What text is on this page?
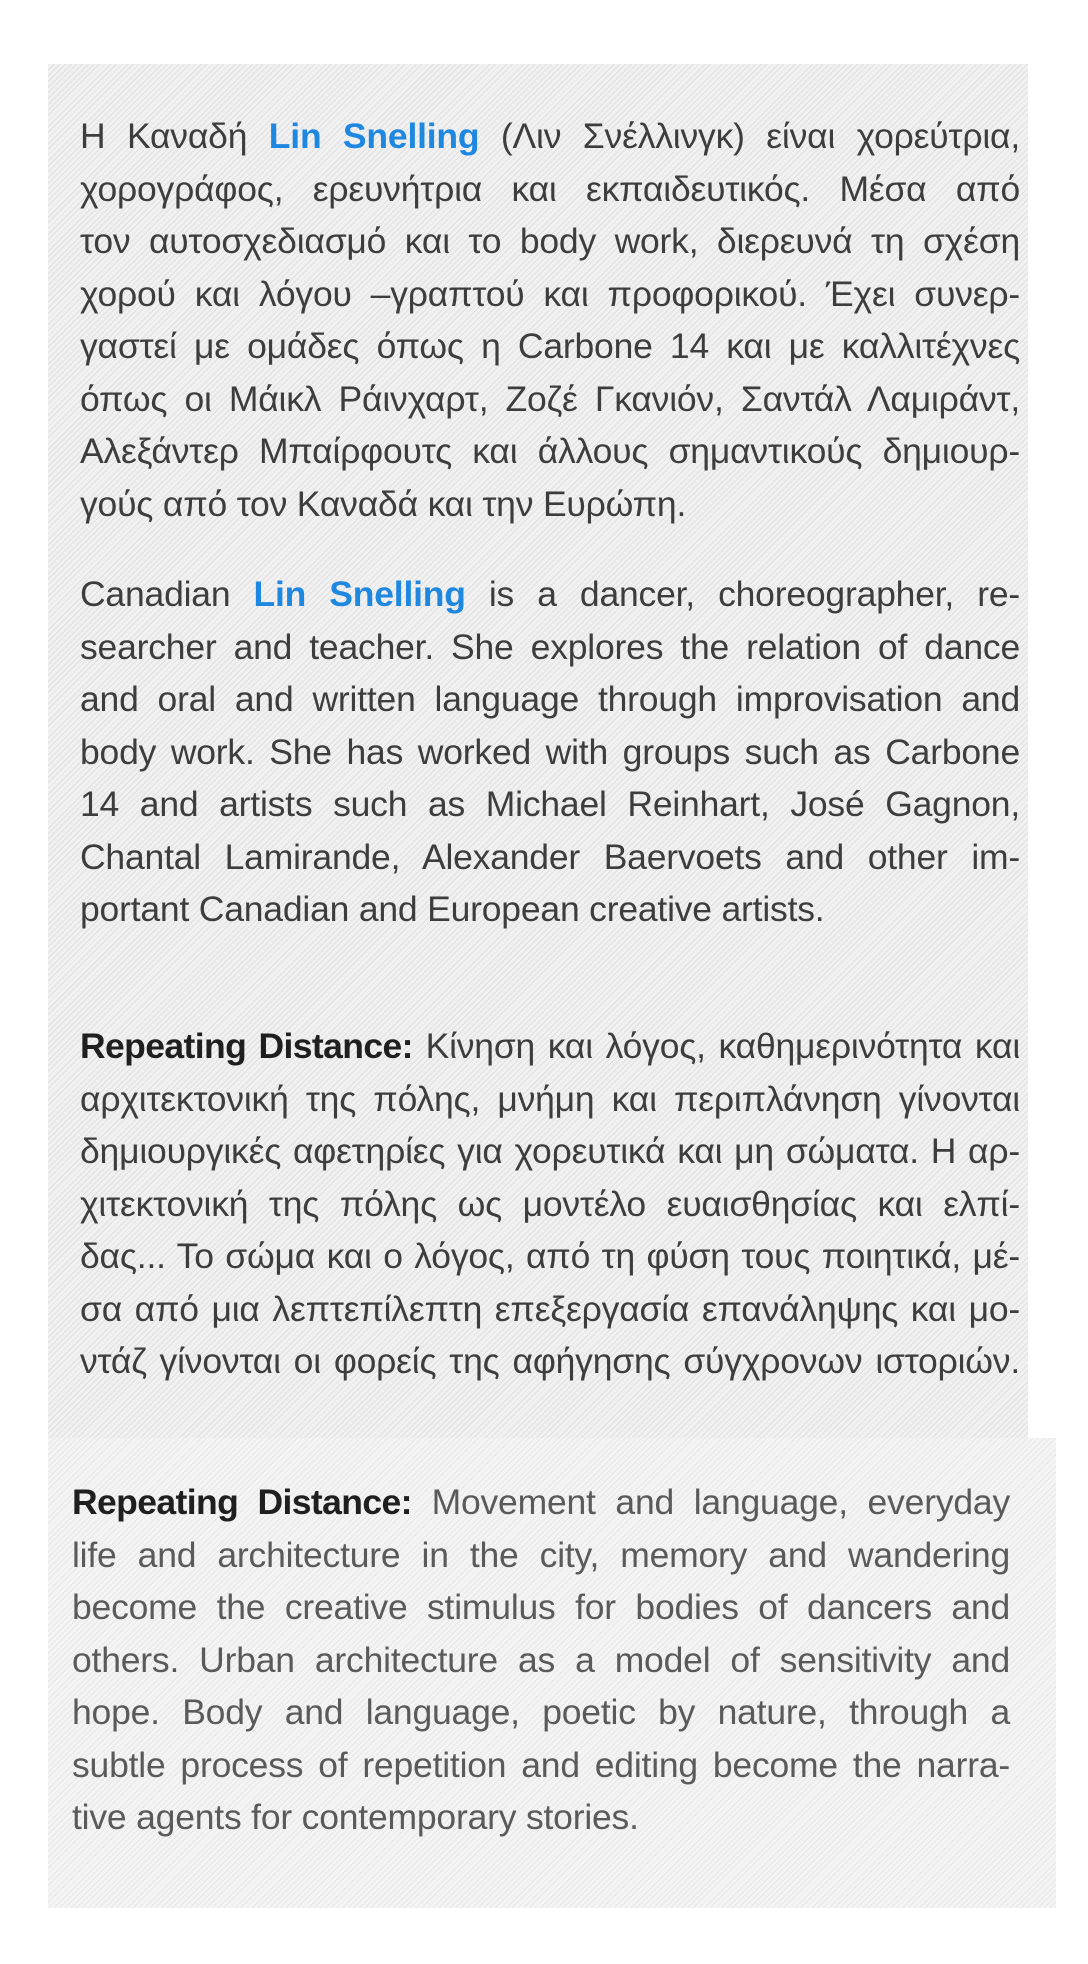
Η Καναδή Lin Snelling (Λιν Σνέλλινγκ) είναι χορεύτρια,
χορογράφος, ερευνήτρια και εκπαιδευτικός. Μέσα από
τον αυτοσχεδιασμό και το body work, διερευνά τη σχέση
χορού και λόγου –γραπτού και προφορικού. Έχει συνερ-
γαστεί με ομάδες όπως η Carbone 14 και με καλλιτέχνες
όπως οι Μάικλ Ράινχαρτ, Ζοζέ Γκανιόν, Σαντάλ Λαμιράντ,
Αλεξάντερ Μπαίρφουτς και άλλους σημαντικούς δημιουρ-
γούς από τον Καναδά και την Ευρώπη.
Canadian Lin Snelling is a dancer, choreographer, re-
searcher and teacher. She explores the relation of dance
and oral and written language through improvisation and
body work. She has worked with groups such as Carbone
14 and artists such as Michael Reinhart, José Gagnon,
Chantal Lamirande, Alexander Baervoets and other im-
portant Canadian and European creative artists.
Repeating Distance: Κίνηση και λόγος, καθημερινότητα και
αρχιτεκτονική της πόλης, μνήμη και περιπλάνηση γίνονται
δημιουργικές αφετηρίες για χορευτικά και μη σώματα. Η αρ-
χιτεκτονική της πόλης ως μοντέλο ευαισθησίας και ελπί-
δας... Το σώμα και ο λόγος, από τη φύση τους ποιητικά, μέ-
σα από μια λεπτεπίλεπτη επεξεργασία επανάληψης και μο-
ντάζ γίνονται οι φορείς της αφήγησης σύγχρονων ιστοριών.
Repeating Distance: Movement and language, everyday
life and architecture in the city, memory and wandering
become the creative stimulus for bodies of dancers and
others. Urban architecture as a model of sensitivity and
hope. Body and language, poetic by nature, through a
subtle process of repetition and editing become the narra-
tive agents for contemporary stories.
